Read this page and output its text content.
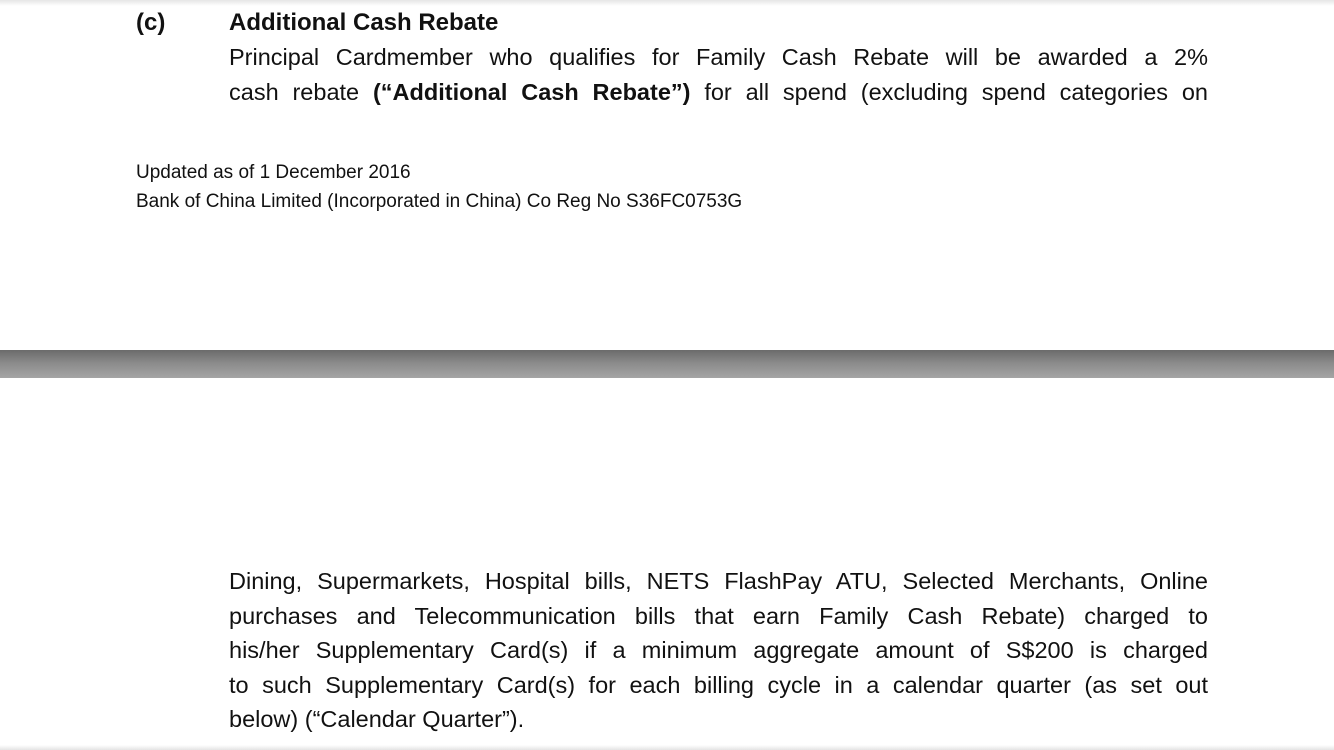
(c)	Additional Cash Rebate
Principal Cardmember who qualifies for Family Cash Rebate will be awarded a 2%
cash rebate (“Additional Cash Rebate”) for all spend (excluding spend categories on
Updated as of 1 December 2016
Bank of China Limited (Incorporated in China) Co Reg No S36FC0753G
Dining, Supermarkets, Hospital bills, NETS FlashPay ATU, Selected Merchants, Online
purchases and Telecommunication bills that earn Family Cash Rebate) charged to
his/her Supplementary Card(s) if a minimum aggregate amount of S$200 is charged
to such Supplementary Card(s) for each billing cycle in a calendar quarter (as set out
below) (“Calendar Quarter”).
